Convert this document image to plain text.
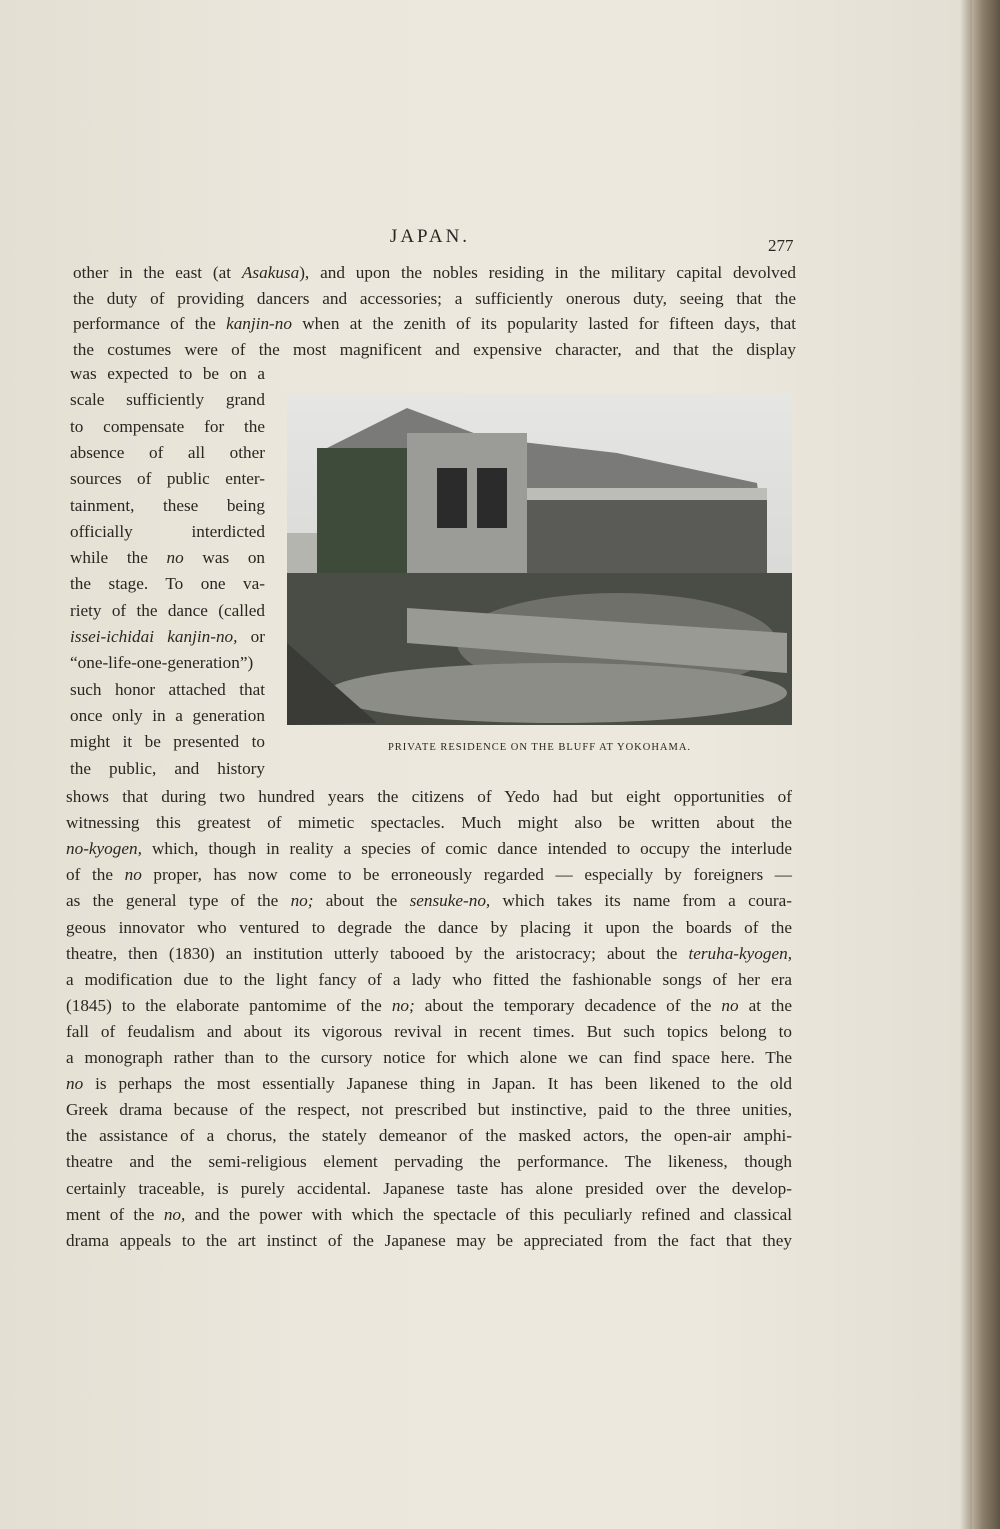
JAPAN.	277
other in the east (at Asakusa), and upon the nobles residing in the military capital devolved
the duty of providing dancers and accessories; a sufficiently onerous duty, seeing that the
performance of the kanjin-no when at the zenith of its popularity lasted for fifteen days, that
the costumes were of the most magnificent and expensive character, and that the display
was expected to be on a
scale sufficiently grand
to compensate for the
absence of all other
sources of public enter-
tainment, these being
officially interdicted
while the no was on
the stage. To one va-
riety of the dance (called
issei-ichidai kanjin-no, or
“one-life-one-generation”)
such honor attached that
once only in a generation
might it be presented to
the public, and history
shows that during two hundred years the citizens of Yedo had but eight opportunities of
witnessing this greatest of mimetic spectacles. Much might also be written about the
no-kyogen, which, though in reality a species of comic dance intended to occupy the interlude
of the no proper, has now come to be erroneously regarded — especially by foreigners —
as the general type of the no; about the sensuke-no, which takes its name from a coura-
geous innovator who ventured to degrade the dance by placing it upon the boards of the
theatre, then (1830) an institution utterly tabooed by the aristocracy; about the teruha-kyogen,
a modification due to the light fancy of a lady who fitted the fashionable songs of her era
(1845) to the elaborate pantomime of the no; about the temporary decadence of the no at the
fall of feudalism and about its vigorous revival in recent times. But such topics belong to
a monograph rather than to the cursory notice for which alone we can find space here. The
no is perhaps the most essentially Japanese thing in Japan. It has been likened to the old
Greek drama because of the respect, not prescribed but instinctive, paid to the three unities,
the assistance of a chorus, the stately demeanor of the masked actors, the open-air amphi-
theatre and the semi-religious element pervading the performance. The likeness, though
certainly traceable, is purely accidental. Japanese taste has alone presided over the develop-
ment of the no, and the power with which the spectacle of this peculiarly refined and classical
drama appeals to the art instinct of the Japanese may be appreciated from the fact that they
PRIVATE RESIDENCE ON THE BLUFF AT YOKOHAMA.
